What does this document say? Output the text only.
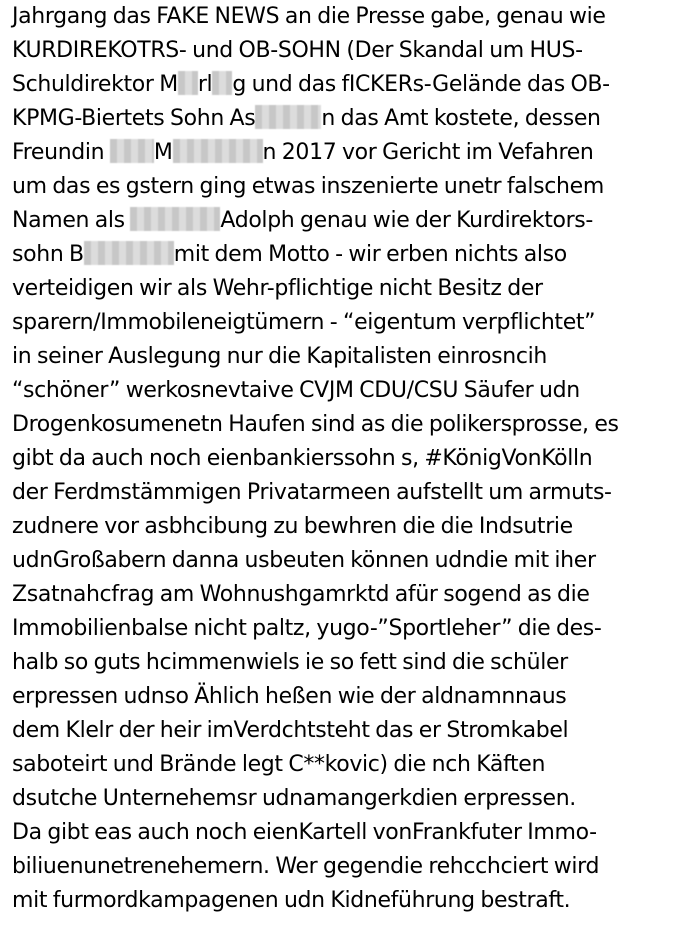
Jahrgang das FAKE NEWS an die Presse gabe, genau wie
KURDIREKOTRS- und OB-SOHN (Der Skandal um HUS-
Schuldirektor M rl g und das fICKERs-Gelände das OB-
KPMG-Biertets Sohn As	n das Amt kostete, dessen
Freundin M	n 2017 vor Gericht im Vefahren
um das es gstern ging etwas inszenierte unetr falschem
Namen als	Adolph genau wie der Kurdirektors-
sohn B	mit dem Motto - wir erben nichts also
verteidigen wir als Wehr-pflichtige nicht Besitz der
sparern/Immobileneigtümern - “eigentum verpflichtet”
in seiner Auslegung nur die Kapitalisten einrosncih
“schöner” werkosnevtaive CVJM CDU/CSU Säufer udn
Drogenkosumenetn Haufen sind as die polikersprosse, es
gibt da auch noch eienbankierssohn s, #KönigVonKölln
der Ferdmstämmigen Privatarmeen aufstellt um armuts-
zudnere vor asbhcibung zu bewhren die die Indsutrie
udnGroßabern danna usbeuten können udndie mit iher
Zsatnahcfrag am Wohnushgamrktd afür sogend as die
Immobilienbalse nicht paltz, yugo-”Sportleher” die des-
halb so guts hcimmenwiels ie so fett sind die schüler
erpressen udnso Ählich heßen wie der aldnamnnaus
dem Klelr der heir imVerdchtsteht das er Stromkabel
saboteirt und Brände legt C**kovic) die nch Käften
dsutche Unternehemsr udnamangerkdien erpressen.
Da gibt eas auch noch eienKartell vonFrankfuter Immo-
biliuenunetrenehemern. Wer gegendie rehcchciert wird
mit furmordkampagenen udn Kidneführung bestraft.
